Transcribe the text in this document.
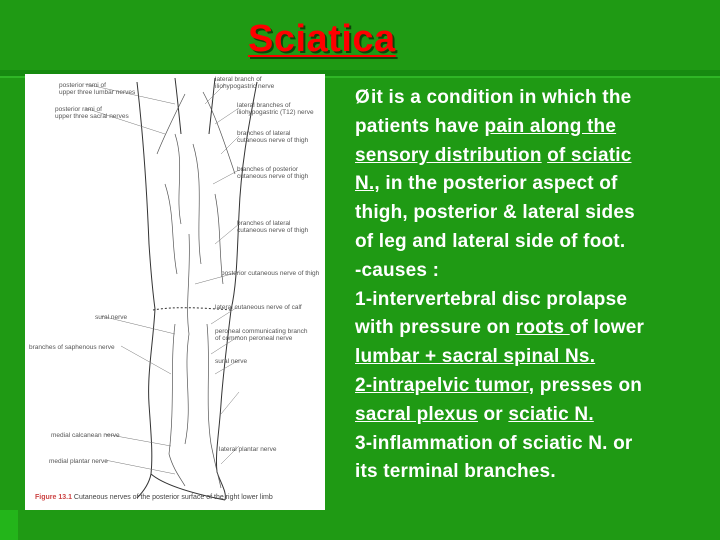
Sciatica
posterior rami of
upper three lumbar nerves
posterior rami of
upper three sacral nerves
sural nerve
branches of saphenous nerve
medial calcanean nerve
medial plantar nerve
lateral branch of
iliohypogastric nerve
lateral branches of
iliohypogastric (T12) nerve
branches of lateral
cutaneous nerve of thigh
branches of posterior
cutaneous nerve of thigh
branches of lateral
cutaneous nerve of thigh
posterior cutaneous nerve of thigh
lateral cutaneous nerve of calf
peroneal communicating branch
of common peroneal nerve
sural nerve
lateral plantar nerve
Figure 13.1 Cutaneous nerves of the posterior surface of the right lower limb
Øit is a condition in which the
patients have pain along the
sensory distribution of sciatic
N., in the posterior aspect of
thigh, posterior & lateral sides
of leg and lateral side of foot.
-causes :
1-intervertebral disc prolapse
with pressure on roots of lower
lumbar + sacral spinal Ns.
2-intrapelvic tumor, presses on
sacral plexus or sciatic N.
3-inflammation of sciatic N. or
its terminal branches.
